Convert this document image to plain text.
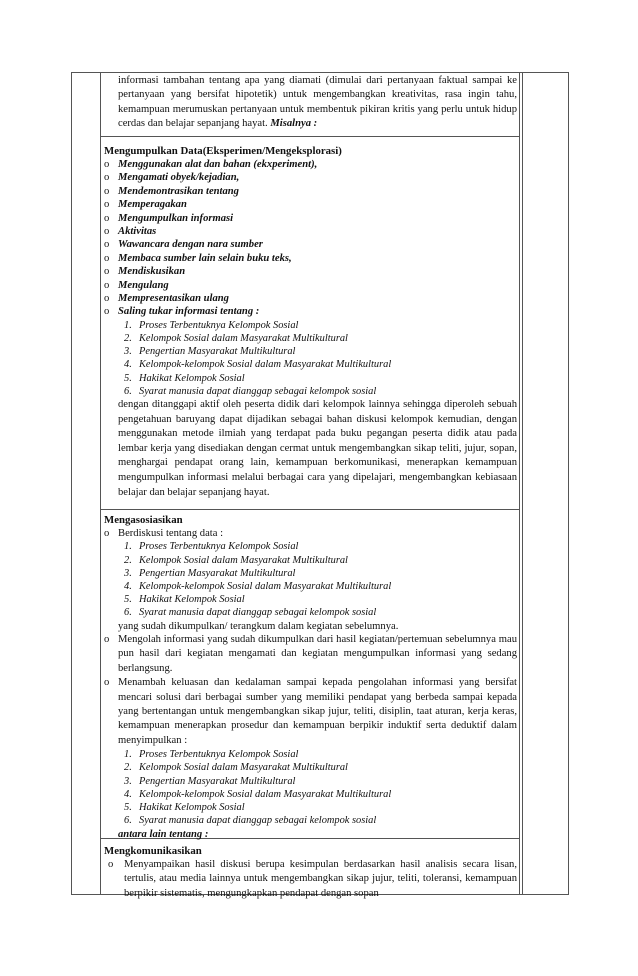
informasi tambahan tentang apa yang diamati (dimulai dari pertanyaan faktual sampai ke pertanyaan yang bersifat hipotetik) untuk mengembangkan kreativitas, rasa ingin tahu, kemampuan merumuskan pertanyaan untuk membentuk pikiran kritis yang perlu untuk hidup cerdas dan belajar sepanjang hayat. Misalnya :
Mengumpulkan Data(Eksperimen/Mengeksplorasi)
o Menggunakan alat dan bahan (ekxperiment),
o Mengamati obyek/kejadian,
o Mendemontrasikan tentang
o Memperagakan
o Mengumpulkan informasi
o Aktivitas
o Wawancara dengan nara sumber
o Membaca sumber lain selain buku teks,
o Mendiskusikan
o Mengulang
o Mempresentasikan ulang
o Saling tukar informasi tentang :
1. Proses Terbentuknya Kelompok Sosial
2. Kelompok Sosial dalam Masyarakat Multikultural
3. Pengertian Masyarakat Multikultural
4. Kelompok-kelompok Sosial dalam Masyarakat Multikultural
5. Hakikat Kelompok Sosial
6. Syarat manusia dapat dianggap sebagai kelompok sosial
dengan ditanggapi aktif oleh peserta didik dari kelompok lainnya sehingga diperoleh sebuah pengetahuan baruyang dapat dijadikan sebagai bahan diskusi kelompok kemudian, dengan menggunakan metode ilmiah yang terdapat pada buku pegangan peserta didik atau pada lembar kerja yang disediakan dengan cermat untuk mengembangkan sikap teliti, jujur, sopan, menghargai pendapat orang lain, kemampuan berkomunikasi, menerapkan kemampuan mengumpulkan informasi melalui berbagai cara yang dipelajari, mengembangkan kebiasaan belajar dan belajar sepanjang hayat.
Mengasosiasikan
o Berdiskusi tentang data :
1. Proses Terbentuknya Kelompok Sosial
2. Kelompok Sosial dalam Masyarakat Multikultural
3. Pengertian Masyarakat Multikultural
4. Kelompok-kelompok Sosial dalam Masyarakat Multikultural
5. Hakikat Kelompok Sosial
6. Syarat manusia dapat dianggap sebagai kelompok sosial
yang sudah dikumpulkan/ terangkum dalam kegiatan sebelumnya.
o Mengolah informasi yang sudah dikumpulkan dari hasil kegiatan/pertemuan sebelumnya mau pun hasil dari kegiatan mengamati dan kegiatan mengumpulkan informasi yang sedang berlangsung.
o Menambah keluasan dan kedalaman sampai kepada pengolahan informasi yang bersifat mencari solusi dari berbagai sumber yang memiliki pendapat yang berbeda sampai kepada yang bertentangan untuk mengembangkan sikap jujur, teliti, disiplin, taat aturan, kerja keras, kemampuan menerapkan prosedur dan kemampuan berpikir induktif serta deduktif dalam menyimpulkan :
1. Proses Terbentuknya Kelompok Sosial
2. Kelompok Sosial dalam Masyarakat Multikultural
3. Pengertian Masyarakat Multikultural
4. Kelompok-kelompok Sosial dalam Masyarakat Multikultural
5. Hakikat Kelompok Sosial
6. Syarat manusia dapat dianggap sebagai kelompok sosial
antara lain tentang :
Mengkomunikasikan
o Menyampaikan hasil diskusi berupa kesimpulan berdasarkan hasil analisis secara lisan, tertulis, atau media lainnya untuk mengembangkan sikap jujur, teliti, toleransi, kemampuan berpikir sistematis, mengungkapkan pendapat dengan sopan
